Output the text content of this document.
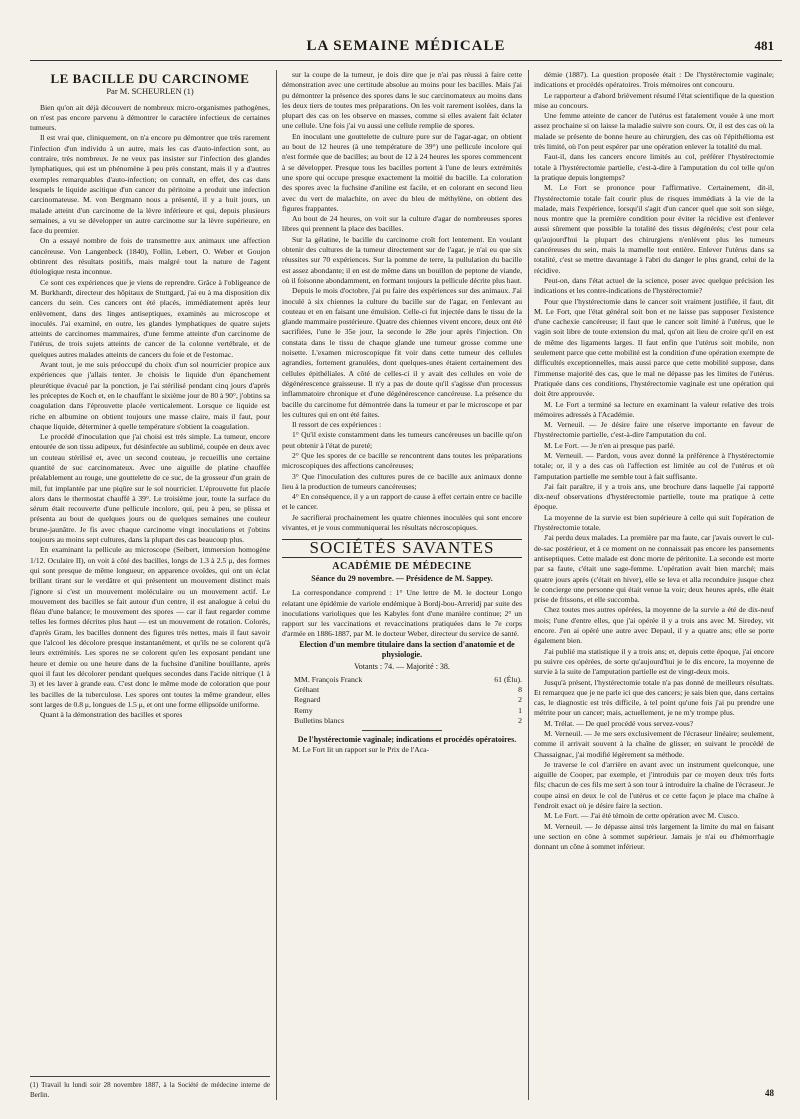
LA SEMAINE MÉDICALE	481
LE BACILLE DU CARCINOME
Par M. SCHEURLEN (1)

Bien qu'on ait déjà découvert de nombreux micro-organismes pathogènes, on n'est pas encore parvenu à démontrer le caractère infectieux de certaines tumeurs.

Il est vrai que, cliniquement, on n'a encore pu démontrer que très rarement l'infection d'un individu à un autre, mais les cas d'auto-infection sont, au contraire, très nombreux. Je ne veux pas insister sur l'infection des glandes lymphatiques, qui est un phénomène à peu près constant, mais il y a d'autres exemples remarquables d'auto-infection; on connaît, en effet, des cas dans lesquels le liquide ascitique d'un cancer du péritoine a produit une infection carcinomateuse. M. von Bergmann nous a présenté, il y a huit jours, un malade atteint d'un carcinome de la lèvre inférieure et qui, depuis plusieurs semaines, a vu se développer un autre carcinome sur la lèvre supérieure, en face du premier.

On a essayé nombre de fois de transmettre aux animaux une affection cancéreuse. Von Langenbeck (1840), Follin, Lebert, O. Weber et Goujon obtinrent des résultats positifs, mais malgré tout la nature de l'agent étiologique resta inconnue.

Ce sont ces expériences que je viens de reprendre. Grâce à l'obligeance de M. Burkhardt, directeur des hôpitaux de Stuttgard, j'ai eu à ma disposition dix cancers du sein. Ces cancers ont été placés, immédiatement après leur enlèvement, dans des linges antiseptiques, examinés au microscope et inoculés. J'ai examiné, en outre, les glandes lymphatiques de quatre sujets atteints de carcinomes mammaires, d'une femme atteinte d'un carcinome de l'utérus, de trois sujets atteints de cancer de la colonne vertébrale, et de quelques autres malades atteints de cancers du foie et de l'estomac.

Avant tout, je me suis préoccupé du choix d'un sol nourricier propice aux expériences que j'allais tenter. Je choisis le liquide d'un épanchement pleurétique évacué par la ponction, je l'ai stérilisé pendant cinq jours d'après les préceptes de Koch et, en le chauffant le sixième jour de 80 à 90°, j'obtins sa coagulation dans l'éprouvette placée verticalement. Lorsque ce liquide est riche en albumine on obtient toujours une masse claire, mais il faut, pour chaque liquide, déterminer à quelle température s'obtient la coagulation.

Le procédé d'inoculation que j'ai choisi est très simple. La tumeur, encore entourée de son tissu adipeux, fut désinfectée au sublimé, coupée en deux avec un couteau stérilisé et, avec un second couteau, je recueillis une certaine quantité de suc carcinomateux. Avec une aiguille de platine chauffée préalablement au rouge, une gouttelette de ce suc, de la grosseur d'un grain de mil, fut implantée par une piqûre sur le sol nourricier. L'éprouvette fut placée alors dans le thermostat chauffé à 39°. Le troisième jour, toute la surface du sérum était recouverte d'une pellicule incolore, qui, peu à peu, se plissa et présenta au bout de quelques jours ou de quelques semaines une couleur brune-jaunâtre. Je fis avec chaque carcinome vingt inoculations et j'obtins toujours au moins sept cultures, dans la plupart des cas beaucoup plus.

En examinant la pellicule au microscope (Seibert, immersion homogène 1/12. Oculaire II), on voit à côté des bacilles, longs de 1.3 à 2.5 μ, des formes qui sont presque de même longueur, en apparence ovoïdes, qui ont un éclat brillant tirant sur le verdâtre et qui présentent un mouvement distinct mais j'ignore si c'est un mouvement moléculaire ou un mouvement actif. Le mouvement des bacilles se fait autour d'un centre, il est analogue à celui du fléau d'une balance; le mouvement des spores — car il faut regarder comme telles les formes décrites plus haut — est un mouvement de rotation. Colorés, d'après Gram, les bacilles donnent des figures très nettes, mais il faut savoir que l'alcool les décolore presque instantanément, et qu'ils ne se colorent qu'à leurs extrémités. Les spores ne se colorent qu'en les exposant pendant une heure et demie ou une heure dans de la fuchsine d'aniline bouillante, après quoi il faut les décolorer pendant quelques secondes dans l'acide nitrique (1 à 3) et les laver à grande eau. C'est donc le même mode de coloration que pour les bacilles de la tuberculose. Les spores ont toutes la même grandeur, elles sont larges de 0.8 μ, longues de 1.5 μ, et ont une forme ellipsoïde uniforme.

Quant à la démonstration des bacilles et spores

(1) Travail lu lundi soir 28 novembre 1887, à la Société de médecine interne de Berlin.

sur la coupe de la tumeur, je dois dire que je n'ai pas réussi à faire cette démonstration avec une certitude absolue au moins pour les bacilles. Mais j'ai pu démontrer la présence des spores dans le suc carcinomateux au moins dans les deux tiers de toutes mes préparations. On les voit rarement isolées, dans la plupart des cas on les observe en masses, comme si elles avaient fait éclater une cellule. Une fois j'ai vu aussi une cellule remplie de spores.

En inoculant une gouttelette de culture pure sur de l'agar-agar, on obtient au bout de 12 heures (à une température de 39°) une pellicule incolore qui n'est formée que de bacilles; au bout de 12 à 24 heures les spores commencent à se développer. Presque tous les bacilles portent à l'une de leurs extrémités une spore qui occupe presque exactement la moitié du bacille. La coloration des spores avec la fuchsine d'aniline est facile, et en colorant en second lieu avec du vert de malachite, on avec du bleu de méthylène, on obtient des figures frappantes.

Au bout de 24 heures, on voit sur la culture d'agar de nombreuses spores libres qui prennent la place des bacilles.

Sur la gélatine, le bacille du carcinome croît fort lentement. En voulant obtenir des cultures de la tumeur directement sur de l'agar, je n'ai eu que six réussites sur 70 expériences. Sur la pomme de terre, la pullulation du bacille est assez abondante; il en est de même dans un bouillon de peptone de viande, où il foisonne abondamment, en formant toujours la pellicule décrite plus haut.

Depuis le mois d'octobre, j'ai pu faire des expériences sur des animaux. J'ai inoculé à six chiennes la culture du bacille sur de l'agar, en l'enlevant au couteau et en en faisant une émulsion. Celle-ci fut injectée dans le tissu de la glande mammaire postérieure. Quatre des chiennes vivent encore, deux ont été sacrifiées, l'une le 35e jour, la seconde le 28e jour après l'injection. On constata dans le tissu de chaque glande une tumeur grosse comme une noisette. L'examen microscopique fit voir dans cette tumeur des cellules agrandies, fortement granulées, dont quelques-unes étaient certainement des cellules épithéliales. A côté de celles-ci il y avait des cellules en voie de dégénérescence graisseuse. Il n'y a pas de doute qu'il s'agisse d'un processus inflammatoire chronique et d'une dégénérescence cancéreuse. La présence du bacille du carcinome fut démontrée dans la tumeur et par le microscope et par les cultures qui en ont été faites.

Il ressort de ces expériences :

1° Qu'il existe constamment dans les tumeurs cancéreuses un bacille qu'on peut obtenir à l'état de pureté;

2° Que les spores de ce bacille se rencontrent dans toutes les préparations microscopiques des affections cancéreuses;

3° Que l'inoculation des cultures pures de ce bacille aux animaux donne lieu à la production de tumeurs cancéreuses;

4° En conséquence, il y a un rapport de cause à effet certain entre ce bacille et le cancer.

Je sacrifierai prochainement les quatre chiennes inoculées qui sont encore vivantes, et je vous communiquerai les résultats nécroscopiques.

SOCIÉTÉS SAVANTES
ACADÉMIE DE MÉDECINE
Séance du 29 novembre. — Présidence de M. Sappey.

La correspondance comprend : 1° Une lettre de M. le docteur Longo relatant une épidémie de variole endémique à Bordj-bou-Arreridj par suite des inoculations varioliques que les Kabyles font d'une manière continue; 2° un rapport sur les vaccinations et revaccinations pratiquées dans le 7e corps d'armée en 1886-1887, par M. le docteur Weber, directeur du service de santé.

Election d'un membre titulaire dans la section d'anatomie et de physiologie.

Votants : 74. — Majorité : 38.
MM. François Franck	61 (Élu).
Gréhant	8
Regnard	2
Remy	1
Bulletins blancs	2

De l'hystérectomie vaginale; indications et procédés opératoires.

M. Le Fort lit un rapport sur le Prix de l'Aca-

démie (1887). La question proposée était : De l'hystérectomie vaginale; indications et procédés opératoires. Trois mémoires ont concouru.

Le rapporteur a d'abord brièvement résumé l'état scientifique de la question mise au concours.

Une femme atteinte de cancer de l'utérus est fatalement vouée à une mort assez prochaine si on laisse la maladie suivre son cours. Or, il est des cas où la malade se présente de bonne heure au chirurgien, des cas où l'épithélioma est très limité, où l'on peut espérer par une opération enlever la totalité du mal.

Faut-il, dans les cancers encore limités au col, préférer l'hystérectomie totale à l'hystérectomie partielle, c'est-à-dire à l'amputation du col telle qu'on la pratique depuis longtemps?

M. Le Fort se prononce pour l'affirmative. Certainement, dit-il, l'hystérectomie totale fait courir plus de risques immédiats à la vie de la malade, mais l'expérience, lorsqu'il s'agit d'un cancer quel que soit son siège, nous montre que la première condition pour éviter la récidive est d'enlever aussi sûrement que possible la totalité des tissus dégénérés; c'est pour cela qu'aujourd'hui la plupart des chirurgiens n'enlèvent plus les tumeurs cancéreuses du sein, mais la mamelle tout entière. Enlever l'utérus dans sa totalité, c'est se mettre davantage à l'abri du danger le plus grand, celui de la récidive.

Peut-on, dans l'état actuel de la science, poser avec quelque précision les indications et les contre-indications de l'hystérectomie?

Pour que l'hystérectomie dans le cancer soit vraiment justifiée, il faut, dit M. Le Fort, que l'état général soit bon et ne laisse pas supposer l'existence d'une cachexie cancéreuse; il faut que le cancer soit limité à l'utérus, que le vagin soit libre de toute extension du mal, qu'on ait lieu de croire qu'il en est de même des ligaments larges. Il faut enfin que l'utérus soit mobile, non seulement parce que cette mobilité est la condition d'une opération exempte de difficultés exceptionnelles, mais aussi parce que cette mobilité suppose, dans l'immense majorité des cas, que le mal ne dépasse pas les limites de l'utérus. Pratiquée dans ces conditions, l'hystérectomie vaginale est une opération qui doit être approuvée.

M. Le Fort a terminé sa lecture en examinant la valeur relative des trois mémoires adressés à l'Académie.

M. Verneuil. — Je désire faire une réserve importante en faveur de l'hystérectomie partielle, c'est-à-dire l'amputation du col.

M. Le Fort. — Je n'en ai presque pas parlé.

M. Verneuil. — Pardon, vous avez donné la préférence à l'hystérectomie totale; or, il y a des cas où l'affection est limitée au col de l'utérus et où l'amputation partielle me semble tout à fait suffisante.

J'ai fait paraître, il y a trois ans, une brochure dans laquelle j'ai rapporté dix-neuf observations d'hystérectomie partielle, toute ma pratique à cette époque.

La moyenne de la survie est bien supérieure à celle qui suit l'opération de l'hystérectomie totale.

J'ai perdu deux malades. La première par ma faute, car j'avais ouvert le cul-de-sac postérieur, et à ce moment on ne connaissait pas encore les pansements antiseptiques. Cette malade est donc morte de péritonite. La seconde est morte par sa faute, c'était une sage-femme. L'opération avait bien marché; mais quatre jours après (c'était en hiver), elle se leva et alla reconduire jusque chez le concierge une personne qui était venue la voir; deux heures après, elle était prise de frissons, et elle succomba.

Chez toutes mes autres opérées, la moyenne de la survie a été de dix-neuf mois; l'une d'entre elles, que j'ai opérée il y a trois ans avec M. Siredey, vit encore. J'en ai opéré une autre avec Depaul, il y a quatre ans; elle se porte également bien.

J'ai publié ma statistique il y a trois ans; et, depuis cette époque, j'ai encore pu suivre ces opérées, de sorte qu'aujourd'hui je le dis encore, la moyenne de survie à la suite de l'amputation partielle est de vingt-deux mois.

Jusqu'à présent, l'hystérectomie totale n'a pas donné de meilleurs résultats. Et remarquez que je ne parle ici que des cancers; je sais bien que, dans certains cas, le diagnostic est très difficile, à tel point qu'une fois j'ai pu prendre une métrite pour un cancer; mais, actuellement, je ne m'y trompe plus.

M. Trélat. — De quel procédé vous servez-vous?

M. Verneuil. — Je me sers exclusivement de l'écraseur linéaire; seulement, comme il arrivait souvent à la chaîne de glisser, en suivant le procédé de Chassaignac, j'ai modifié légèrement sa méthode.

Je traverse le col d'arrière en avant avec un instrument quelconque, une aiguille de Cooper, par exemple, et j'introduis par ce moyen deux très forts fils; chacun de ces fils me sert à son tour à introduire la chaîne de l'écraseur. Je coupe ainsi en deux le col de l'utérus et ce cette façon je place ma chaîne à l'endroit exact où je désire faire la section.

M. Le Fort. — J'ai été témoin de cette opération avec M. Cusco.

M. Verneuil. — Je dépasse ainsi très largement la limite du mal en faisant une section en cône à sommet supérieur. Jamais je n'ai eu d'hémorrhagie donnant un cône à sommet inférieur.

48
